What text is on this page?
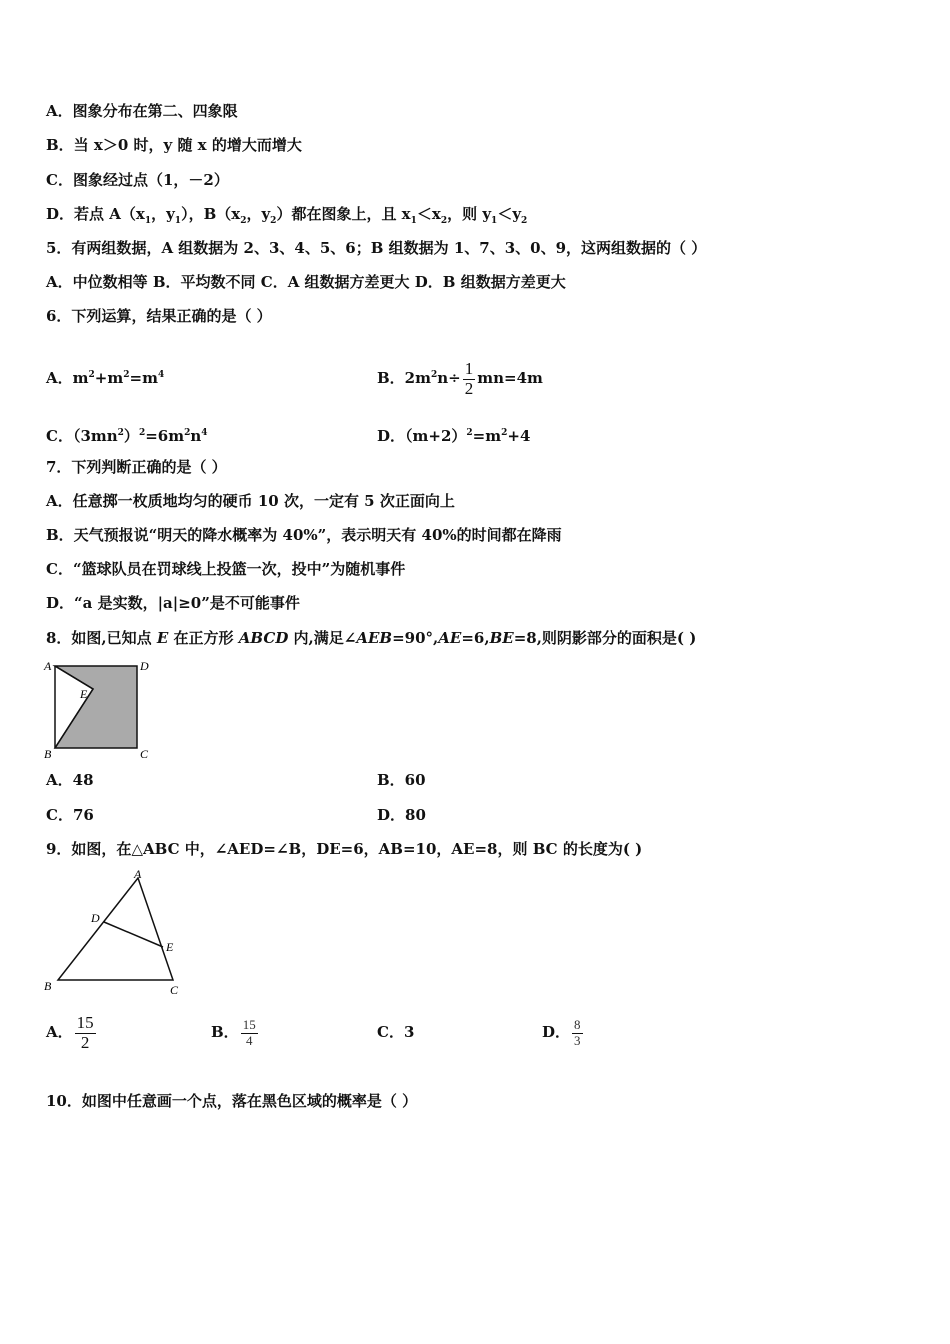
A．图象分布在第二、四象限
B．当 x＞0 时，y 随 x 的增大而增大
C．图象经过点（1，－2）
D．若点 $A(x_1$，$y_1$），$B(x_2$，$y_2$）都在图象上，且 $x_1<x_2$，则 $y_1<y_2$
5．有两组数据，A 组数据为 2、3、4、5、6；B 组数据为 1、7、3、0、9，这两组数据的（ ）
A．中位数相等 B．平均数不同 C．A 组数据方差更大 D．B 组数据方差更大
6．下列运算，结果正确的是（ ）
A．$m^2+m^2=m^4$	B．$2m^2n\div \frac{1}{2} mn=4m$
C．$(3mn^2)^2=6m^2n^4$	D．$(m+2)^2=m^2+4$
7．下列判断正确的是（ ）
A．任意掷一枚质地均匀的硬币 10 次，一定有 5 次正面向上
B．天气预报说“明天的降水概率为 40%”，表示明天有 40%的时间都在降雨
C．“篮球队员在罚球线上投篮一次，投中”为随机事件
D．“a 是实数，|a|≥0”是不可能事件
8．如图,已知点 E 在正方形 ABCD 内,满足∠AEB=90°,AE=6,BE=8,则阴影部分的面积是( )
A	D
E
B	C
A．48	B．60
C．76	D．80
9．如图，在△ABC 中，∠AED=∠B，DE=6，AB=10，AE=8，则 BC 的长度为( )
A
D
E
B	C
A． $\frac{15}{2}$	B． $\frac{15}{4}$	C．3	D． $\frac{8}{3}$
10．如图中任意画一个点，落在黑色区域的概率是（ ）
